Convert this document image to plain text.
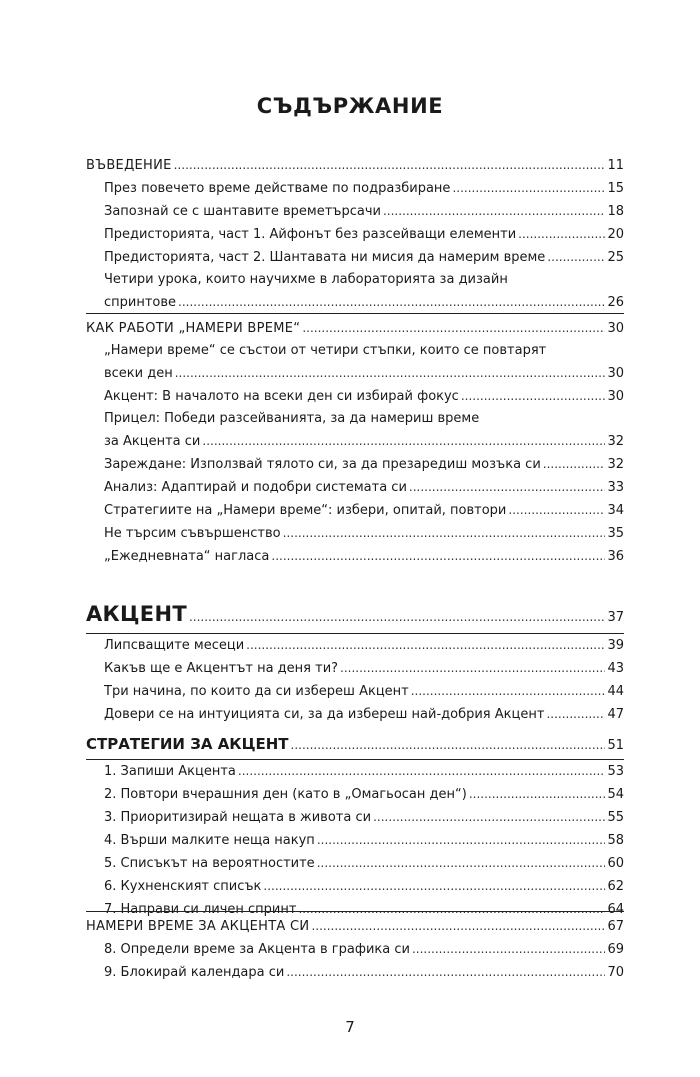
СЪДЪРЖАНИЕ
ВЪВЕДЕНИЕ .....	11
През повечето време действаме по подразбиране .....	15
Запознай се с шантавите времетърсачи .....	18
Предисторията, част 1. Айфонът без разсейващи елементи .....	20
Предисторията, част 2. Шантавата ни мисия да намерим време .....	25
Четири урока, които научихме в лабораторията за дизайн
спринтове .....	26
КАК РАБОТИ „НАМЕРИ ВРЕМЕ“ .....	30
„Намери време“ се състои от четири стъпки, които се повтарят
всеки ден .....	30
Акцент: В началото на всеки ден си избирай фокус .....	30
Прицел: Победи разсейванията, за да намериш време
за Акцента си .....	32
Зареждане: Използвай тялото си, за да презаредиш мозъка си .....	32
Анализ: Адаптирай и подобри системата си .....	33
Стратегиите на „Намери време“: избери, опитай, повтори .....	34
Не търсим съвършенство .....	35
„Ежедневната“ нагласа .....	36
АКЦЕНТ .....	37
Липсващите месеци .....	39
Какъв ще е Акцентът на деня ти? .....	43
Три начина, по които да си избереш Акцент .....	44
Довери се на интуицията си, за да избереш най-добрия Акцент .....	47
СТРАТЕГИИ ЗА АКЦЕНТ .....	51
1. Запиши Акцента .....	53
2. Повтори вчерашния ден (като в „Омагьосан ден“) .....	54
3. Приоритизирай нещата в живота си .....	55
4. Върши малките неща накуп .....	58
5. Списъкът на вероятностите .....	60
6. Кухненският списък .....	62
7. Направи си личен спринт .....	64
НАМЕРИ ВРЕМЕ ЗА АКЦЕНТА СИ .....	67
8. Определи време за Акцента в графика си .....	69
9. Блокирай календара си .....	70
7
